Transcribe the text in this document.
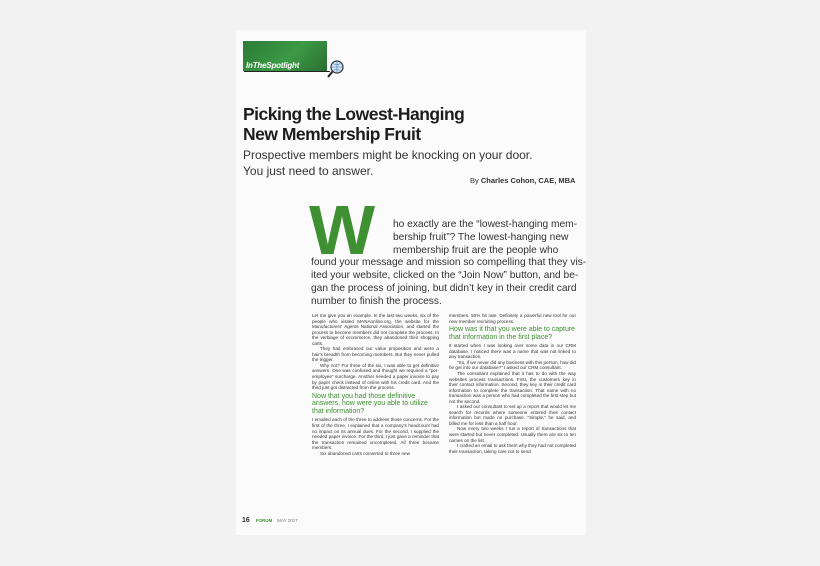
InTheSpotlight
Picking the Lowest-Hanging
New Membership Fruit
Prospective members might be knocking on your door.
You just need to answer.
By Charles Cohon, CAE, MBA
W	ho exactly are the “lowest-hanging mem-
bership fruit”? The lowest-hanging new
membership fruit are the people who
found your message and mission so compelling that they vis-
ited your website, clicked on the “Join Now” button, and be-
gan the process of joining, but didn’t key in their credit card
number to finish the process.

Let me give you an example. In the last two weeks, six of the people who visited MANAonline.org, the website for the Manufacturers' Agents National Association, and started the process to become members did not complete the process. In the verbiage of ecommerce, they abandoned their shopping carts.

They had embraced our value proposition and were a hair's breadth from becoming members. But they never pulled the trigger.

Why not? For three of the six, I was able to get definitive answers. One was confused and thought we required a “per-employee” surcharge. Another needed a paper invoice to pay by paper check instead of online with his credit card. And the third just got distracted from the process.

Now that you had those definitive answers, how were you able to utilize that information?

I emailed each of the three to address those concerns. For the first of the three, I explained that a company's headcount had no impact on its annual dues. For the second, I supplied the needed paper invoice. For the third, I just gave a reminder that the transaction remained uncompleted. All three became members.

Six abandoned carts converted to three new

members. 50% hit rate. Definitely a powerful new tool for our new member recruiting process.

How was it that you were able to capture that information in the first place?

It started when I was looking over some data in our CRM database. I noticed there was a name that was not linked to any transaction.

“So, if we never did any business with this person, how did he get into our database?” I asked our CRM consultant.

The consultant explained that it has to do with the way websites process transactions. First, the customers key in their contact information. Second, they key in their credit card information to complete the transaction. That name with no transaction was a person who had completed the first step but not the second.

I asked our consultant to set up a report that would let me search for records where someone entered their contact information but made no purchase. “Simple,” he said, and billed me for less than a half hour.

Now every two weeks I run a report of transactions that were started but never completed. Usually there are six to ten names on the list.

I crafted an email to ask them why they had not completed their transaction, taking care not to send

16 FORUM MAY 2017
